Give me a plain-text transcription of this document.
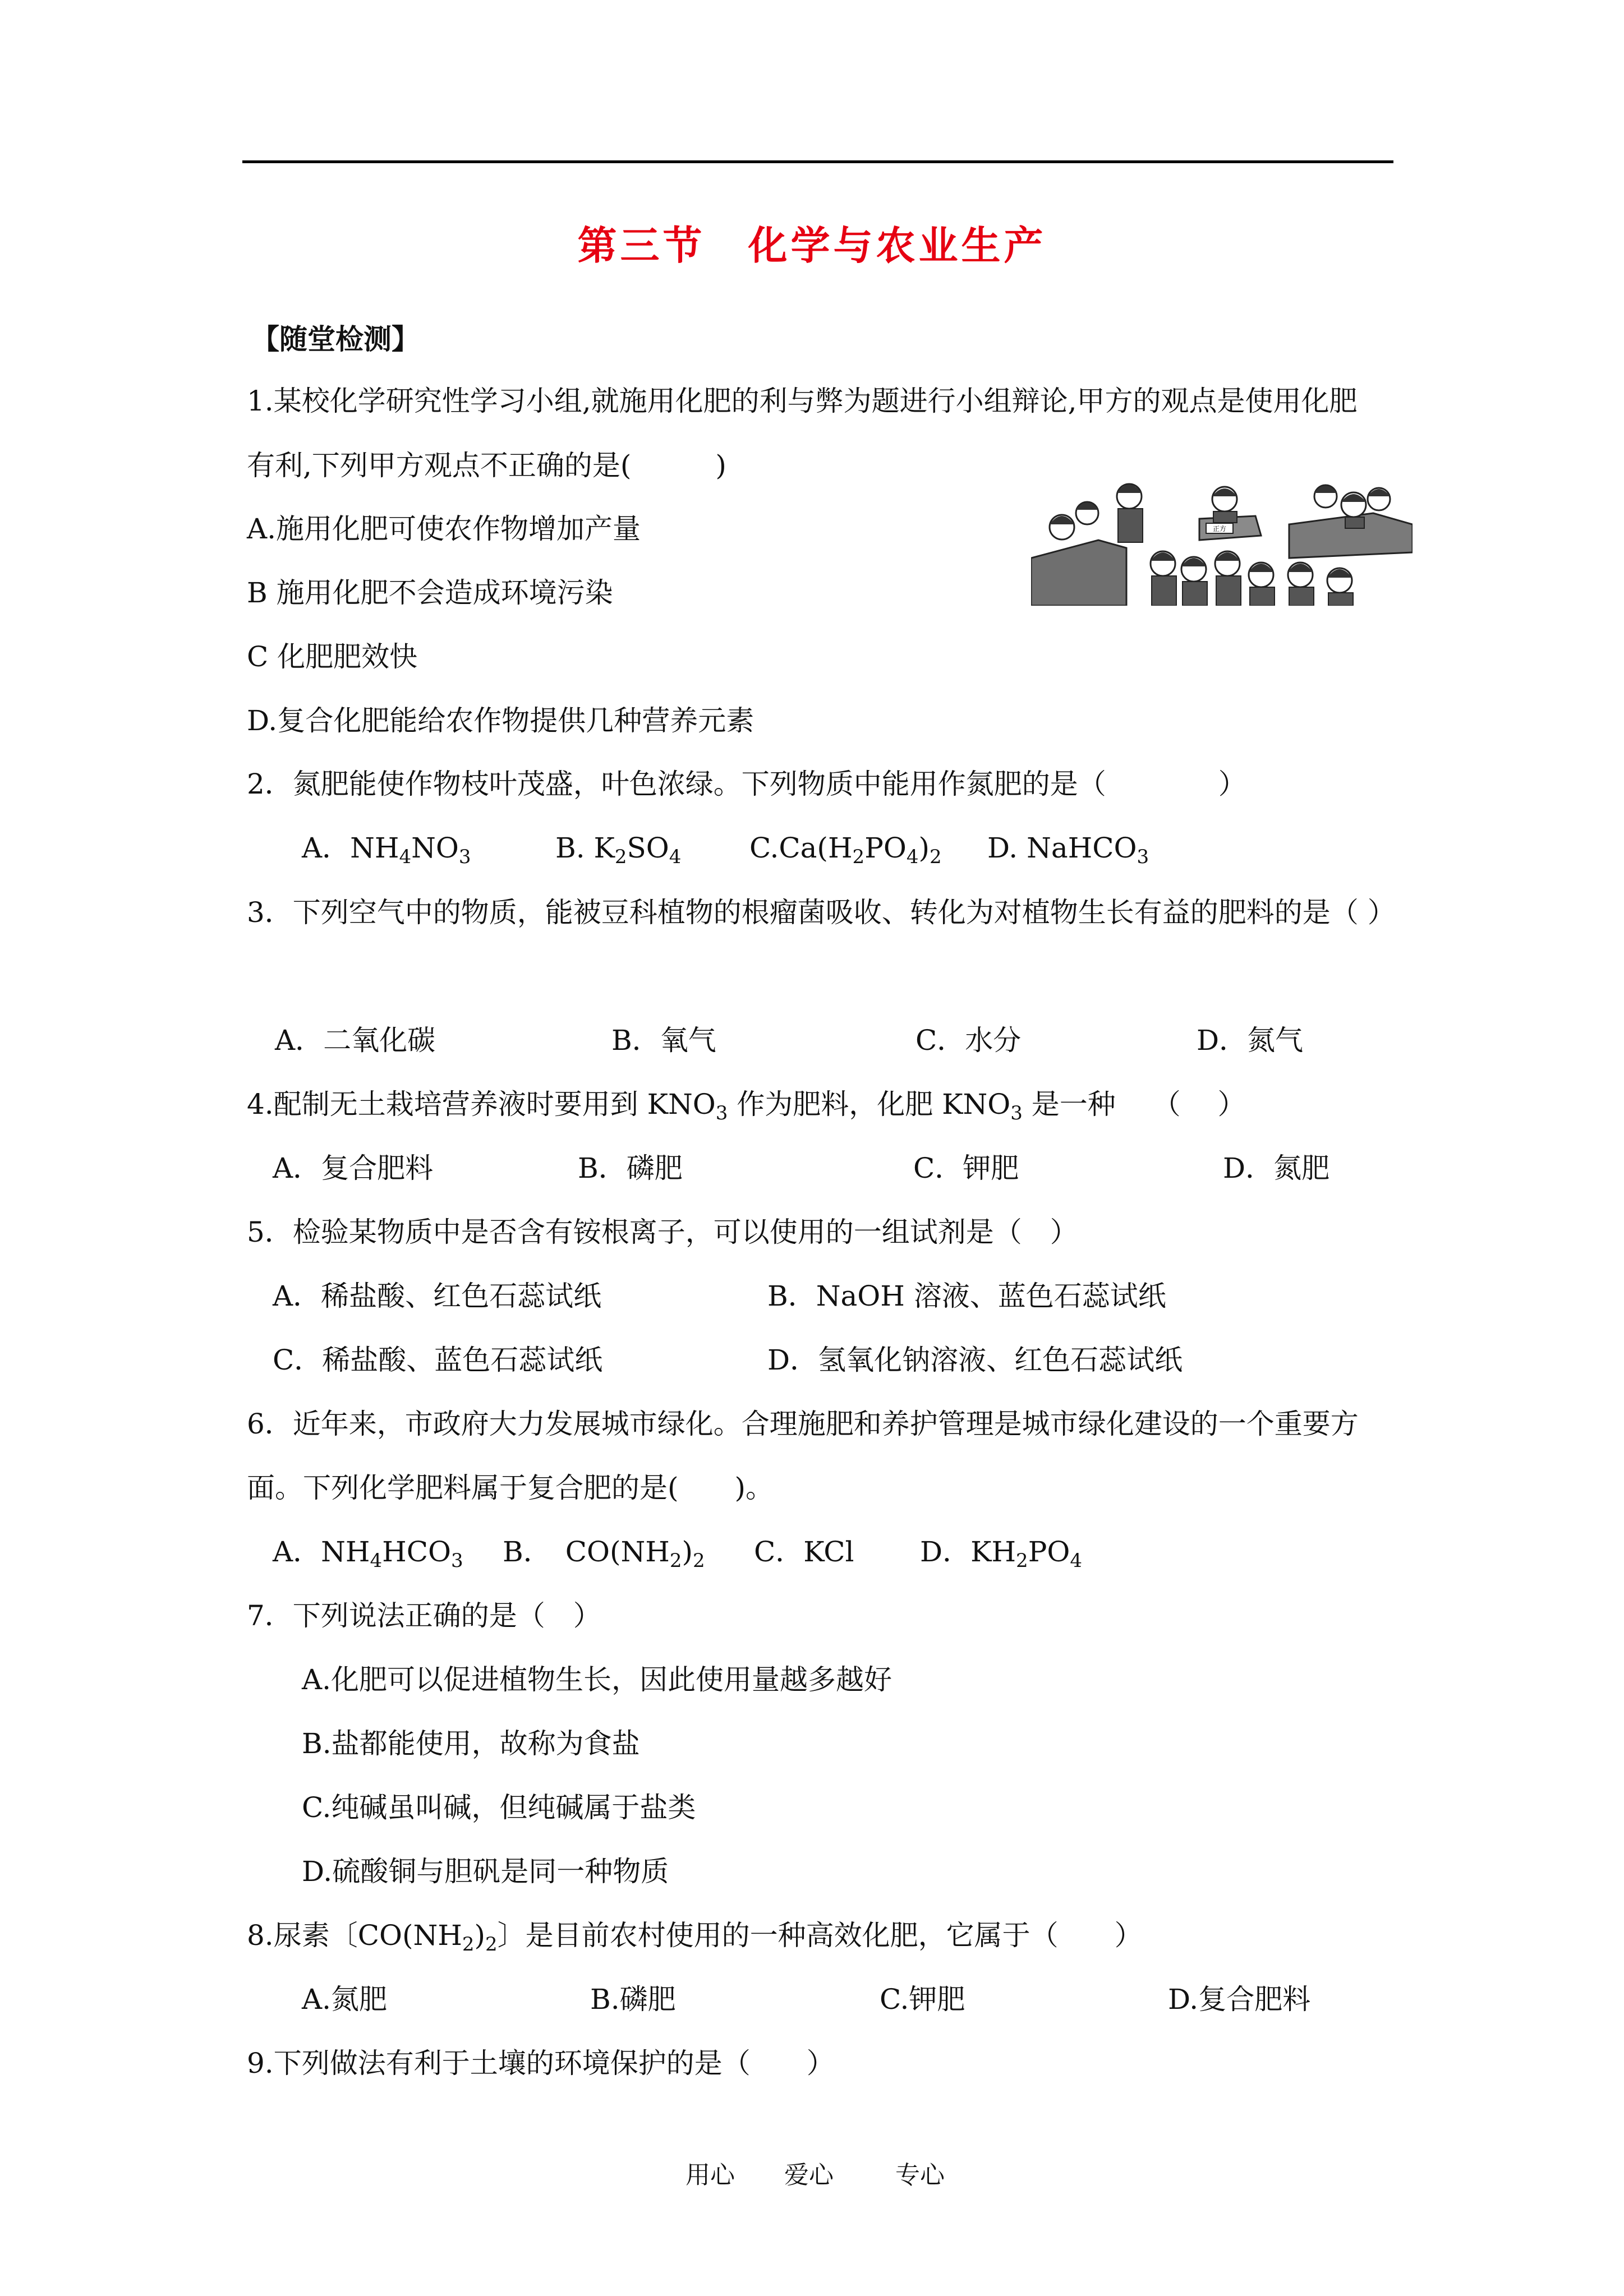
第三节　化学与农业生产
【随堂检测】
1.某校化学研究性学习小组,就施用化肥的利与弊为题进行小组辩论,甲方的观点是使用化肥
有利,下列甲方观点不正确的是(　　　)
A.施用化肥可使农作物增加产量
B 施用化肥不会造成环境污染
C 化肥肥效快
D.复合化肥能给农作物提供几种营养元素
正方
2．氮肥能使作物枝叶茂盛，叶色浓绿。下列物质中能用作氮肥的是（　　　　）
A．$NH_4NO_3$	B. $K_2SO_4$ $C.Ca(H_2PO_4)_2$ D. NaHCO$_3$
3．下列空气中的物质，能被豆科植物的根瘤菌吸收、转化为对植物生长有益的肥料的是（ ）
A．二氧化碳	B．氧气	C．水分	D．氮气
4.配制无土栽培营养液时要用到 $KNO_3$ 作为肥料，化肥 $KNO_3$ 是一种　 （　 ）
A．复合肥料	B．磷肥	C．钾肥	D．氮肥
5．检验某物质中是否含有铵根离子，可以使用的一组试剂是（　）
A．稀盐酸、红色石蕊试纸	B．NaOH 溶液、蓝色石蕊试纸
C．稀盐酸、蓝色石蕊试纸	D．氢氧化钠溶液、红色石蕊试纸
6．近年来，市政府大力发展城市绿化。合理施肥和养护管理是城市绿化建设的一个重要方
面。下列化学肥料属于复合肥的是(　　)。
A．$NH_4HCO_3$ B．　$CO(NH_2)_2$ C．KCl D．$KH_2PO_4$
7．下列说法正确的是（　）
A.化肥可以促进植物生长，因此使用量越多越好
B.盐都能使用，故称为食盐
C.纯碱虽叫碱，但纯碱属于盐类
D.硫酸铜与胆矾是同一种物质
8.尿素〔$CO(NH_2)_2$〕是目前农村使用的一种高效化肥，它属于（　　）
A.氮肥	B.磷肥	C.钾肥	D.复合肥料
9.下列做法有利于土壤的环境保护的是（　　）
用心 爱心	专心
